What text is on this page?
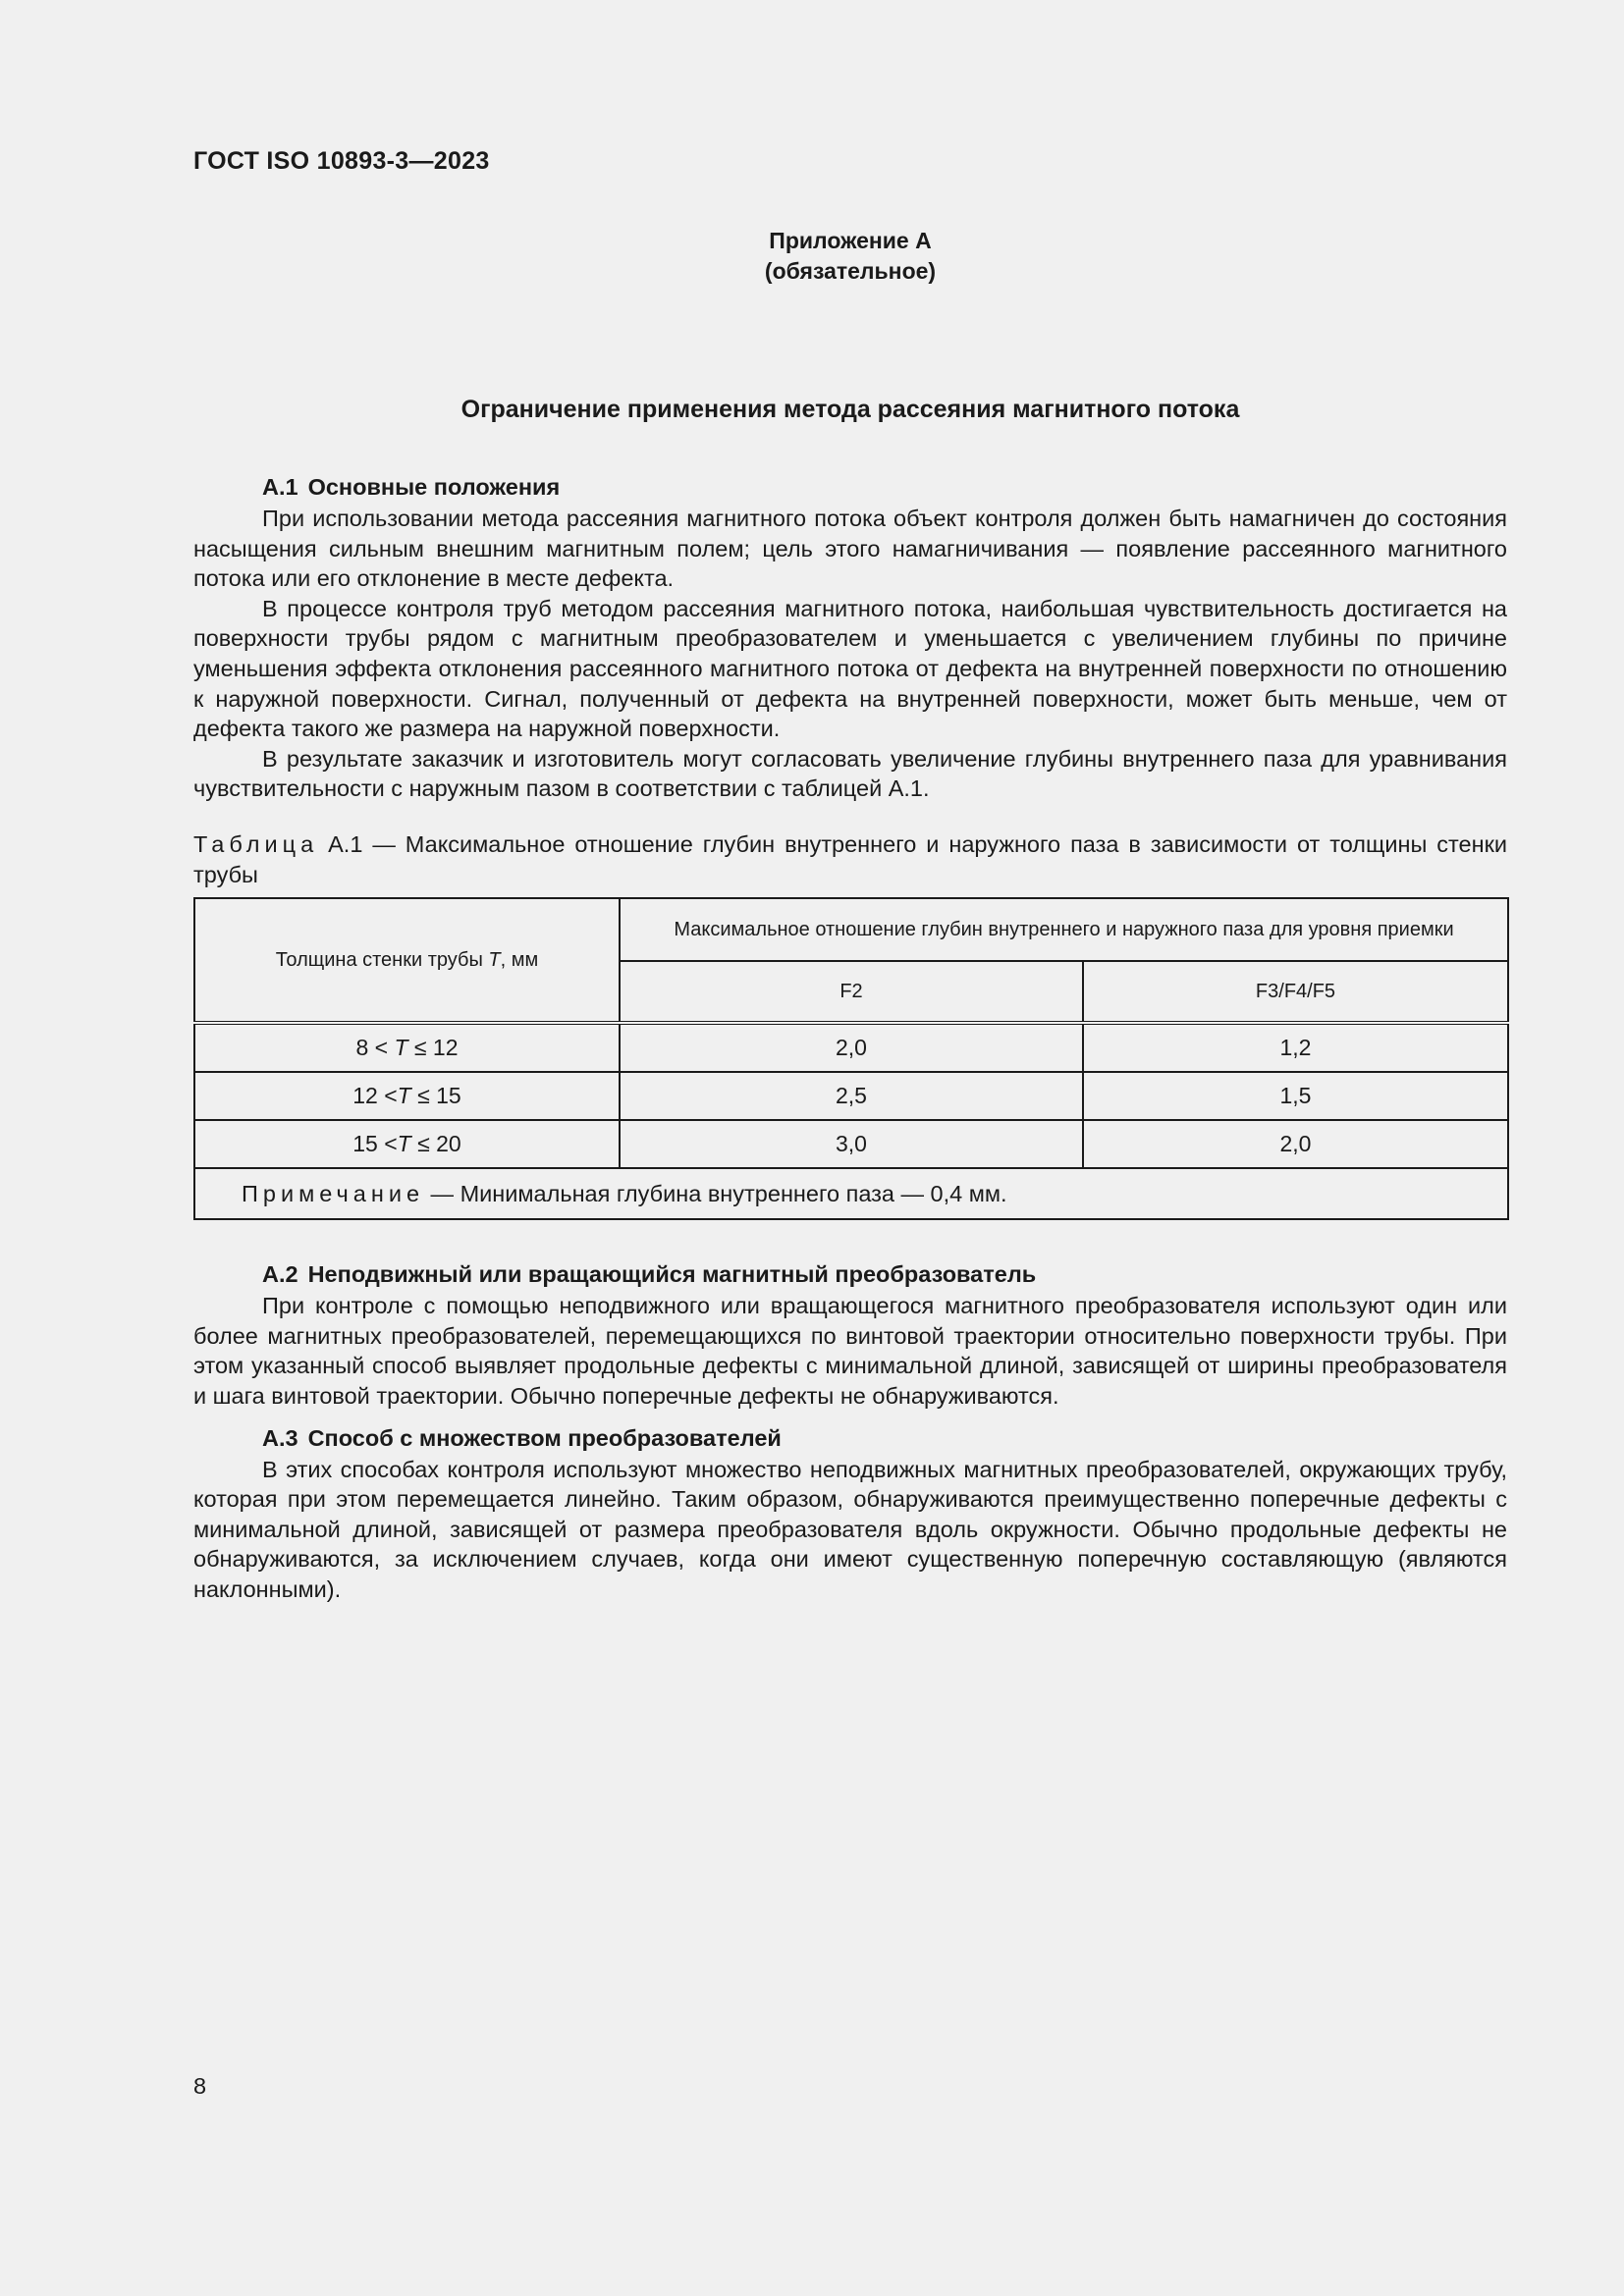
ГОСТ ISO 10893-3—2023
Приложение А
(обязательное)
Ограничение применения метода рассеяния магнитного потока
А.1 Основные положения

При использовании метода рассеяния магнитного потока объект контроля должен быть намагничен до состояния насыщения сильным внешним магнитным полем; цель этого намагничивания — появление рассеянного магнитного потока или его отклонение в месте дефекта.

В процессе контроля труб методом рассеяния магнитного потока, наибольшая чувствительность достигается на поверхности трубы рядом с магнитным преобразователем и уменьшается с увеличением глубины по причине уменьшения эффекта отклонения рассеянного магнитного потока от дефекта на внутренней поверхности по отношению к наружной поверхности. Сигнал, полученный от дефекта на внутренней поверхности, может быть меньше, чем от дефекта такого же размера на наружной поверхности.

В результате заказчик и изготовитель могут согласовать увеличение глубины внутреннего паза для уравнивания чувствительности с наружным пазом в соответствии с таблицей А.1.

Таблица А.1 — Максимальное отношение глубин внутреннего и наружного паза в зависимости от толщины стенки трубы
Толщина стенки трубы T, мм	Максимальное отношение глубин внутреннего и наружного паза для уровня приемки	
	F2	F3/F4/F5
8 < T ≤ 12	2,0	1,2
12 <T ≤ 15	2,5	1,5
15 <T ≤ 20	3,0	2,0
Примечание — Минимальная глубина внутреннего паза — 0,4 мм.		
А.2 Неподвижный или вращающийся магнитный преобразователь

При контроле с помощью неподвижного или вращающегося магнитного преобразователя используют один или более магнитных преобразователей, перемещающихся по винтовой траектории относительно поверхности трубы. При этом указанный способ выявляет продольные дефекты с минимальной длиной, зависящей от ширины преобразователя и шага винтовой траектории. Обычно поперечные дефекты не обнаруживаются.

А.3 Способ с множеством преобразователей

В этих способах контроля используют множество неподвижных магнитных преобразователей, окружающих трубу, которая при этом перемещается линейно. Таким образом, обнаруживаются преимущественно поперечные дефекты с минимальной длиной, зависящей от размера преобразователя вдоль окружности. Обычно продольные дефекты не обнаруживаются, за исключением случаев, когда они имеют существенную поперечную составляющую (являются наклонными).

8
